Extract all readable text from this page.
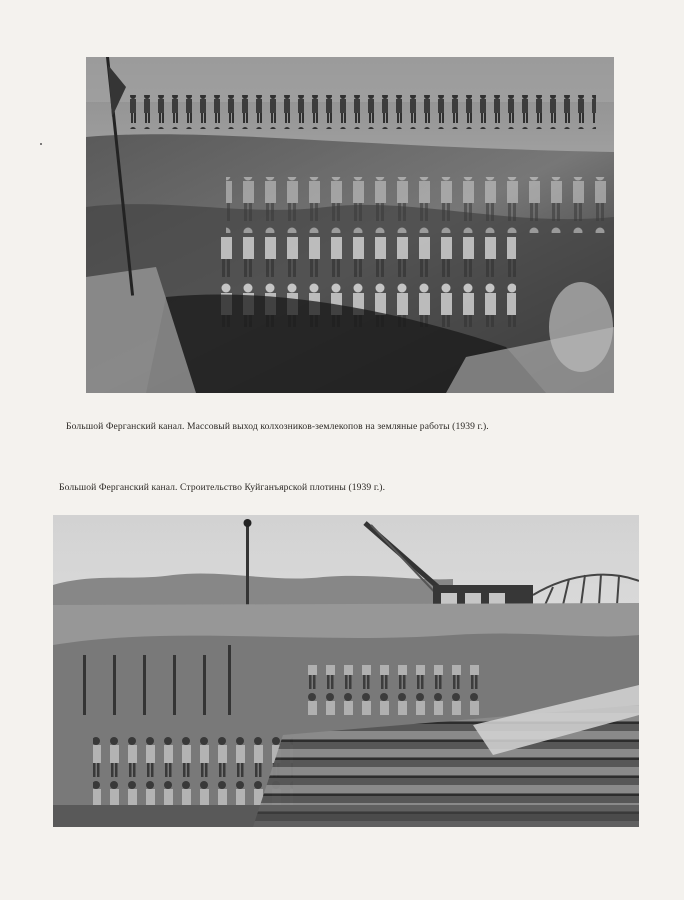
Большой Ферганский канал. Массовый выход колхозников-землекопов на земляные работы (1939 г.).
Большой Ферганский канал. Строительство Куйганъярской плотины (1939 г.).
